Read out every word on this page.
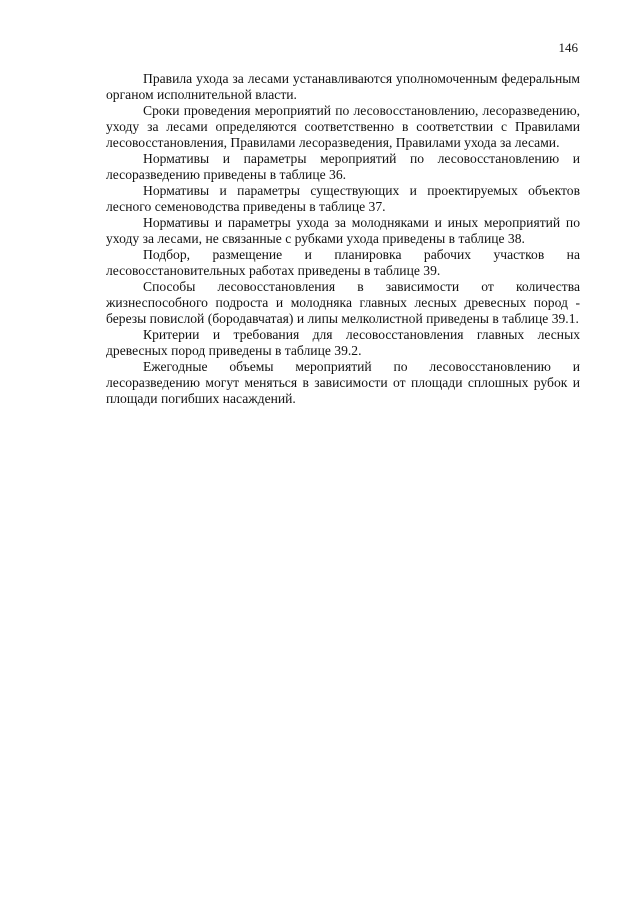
146

Правила ухода за лесами устанавливаются уполномоченным федеральным органом исполнительной власти.

Сроки проведения мероприятий по лесовосстановлению, лесоразведению, уходу за лесами определяются соответственно в соответствии с Правилами лесовосстановления, Правилами лесоразведения, Правилами ухода за лесами.

Нормативы и параметры мероприятий по лесовосстановлению и лесоразведению приведены в таблице 36.

Нормативы и параметры существующих и проектируемых объектов лесного семеноводства приведены в таблице 37.

Нормативы и параметры ухода за молодняками и иных мероприятий по уходу за лесами, не связанные с рубками ухода приведены в таблице 38.

Подбор, размещение и планировка рабочих участков на лесовосстановительных работах приведены в таблице 39.

Способы лесовосстановления в зависимости от количества жизнеспособного подроста и молодняка главных лесных древесных пород - березы повислой (бородавчатая) и липы мелколистной приведены в таблице 39.1.

Критерии и требования для лесовосстановления главных лесных древесных пород приведены в таблице 39.2.

Ежегодные объемы мероприятий по лесовосстановлению и лесоразведению могут меняться в зависимости от площади сплошных рубок и площади погибших насаждений.
